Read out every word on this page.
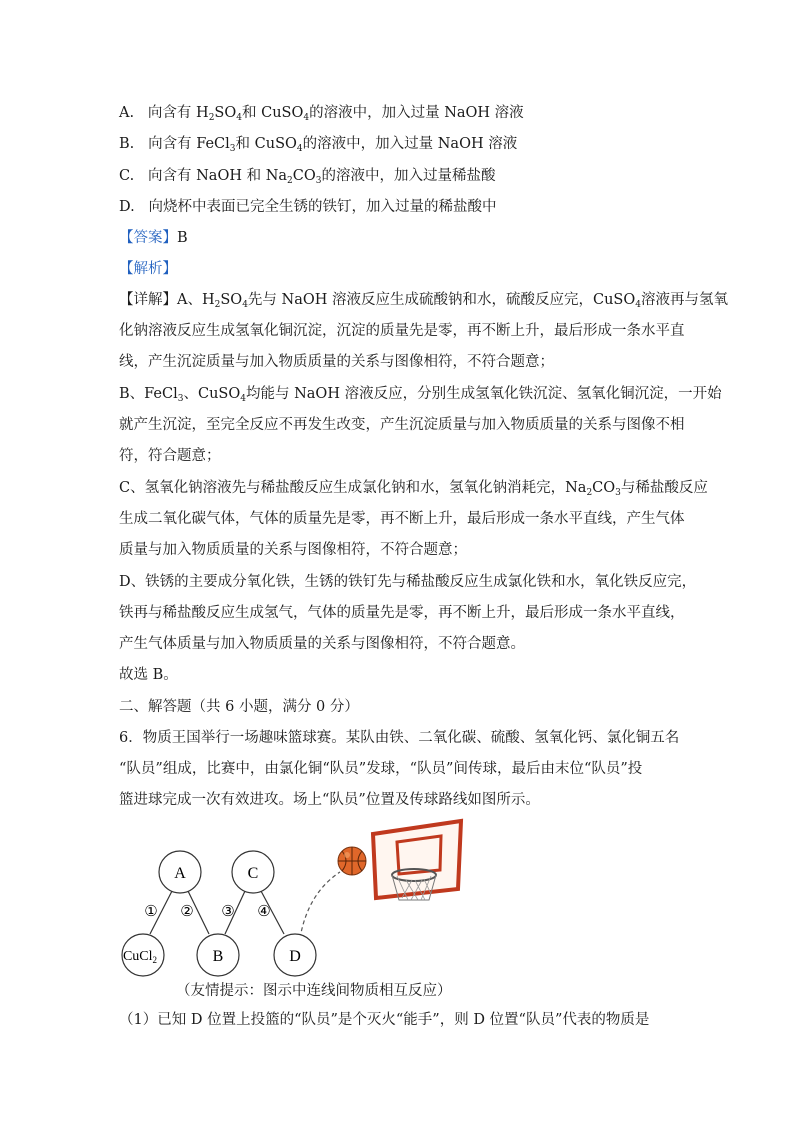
A. 向含有 $H_2SO_4$和 CuSO$_4$的溶液中，加入过量 NaOH 溶液
B. 向含有 FeCl$_3$和 CuSO$_4$的溶液中，加入过量 NaOH 溶液
C. 向含有 NaOH 和 $Na_2CO_3$的溶液中，加入过量稀盐酸
D. 向烧杯中表面已完全生锈的铁钉，加入过量的稀盐酸中
【答案】B
【解析】
【详解】A、$H_2SO_4$先与 NaOH 溶液反应生成硫酸钠和水，硫酸反应完，CuSO$_4$溶液再与氢氧
化钠溶液反应生成氢氧化铜沉淀，沉淀的质量先是零，再不断上升，最后形成一条水平直
线，产生沉淀质量与加入物质质量的关系与图像相符，不符合题意；
B、FeCl$_3$、CuSO$_4$均能与 NaOH 溶液反应，分别生成氢氧化铁沉淀、氢氧化铜沉淀，一开始
就产生沉淀，至完全反应不再发生改变，产生沉淀质量与加入物质质量的关系与图像不相
符，符合题意；
C、氢氧化钠溶液先与稀盐酸反应生成氯化钠和水，氢氧化钠消耗完，$Na_2CO_3$与稀盐酸反应
生成二氧化碳气体，气体的质量先是零，再不断上升，最后形成一条水平直线，产生气体
质量与加入物质质量的关系与图像相符，不符合题意；
D、铁锈的主要成分氧化铁，生锈的铁钉先与稀盐酸反应生成氯化铁和水，氧化铁反应完，
铁再与稀盐酸反应生成氢气，气体的质量先是零，再不断上升，最后形成一条水平直线，
产生气体质量与加入物质质量的关系与图像相符，不符合题意。
故选 B。
二、解答题（共 6 小题，满分 0 分）
6．物质王国举行一场趣味篮球赛。某队由铁、二氧化碳、硫酸、氢氧化钙、氯化铜五名
“队员”组成，比赛中，由氯化铜“队员”发球，“队员”间传球，最后由末位“队员”投
篮进球完成一次有效进攻。场上“队员”位置及传球路线如图所示。
A	C
CuCl$_2$	B	D
① ② ③ ④
（友情提示：图示中连线间物质相互反应）
（1）已知 D 位置上投篮的“队员”是个灭火“能手”，则 D 位置“队员”代表的物质是
